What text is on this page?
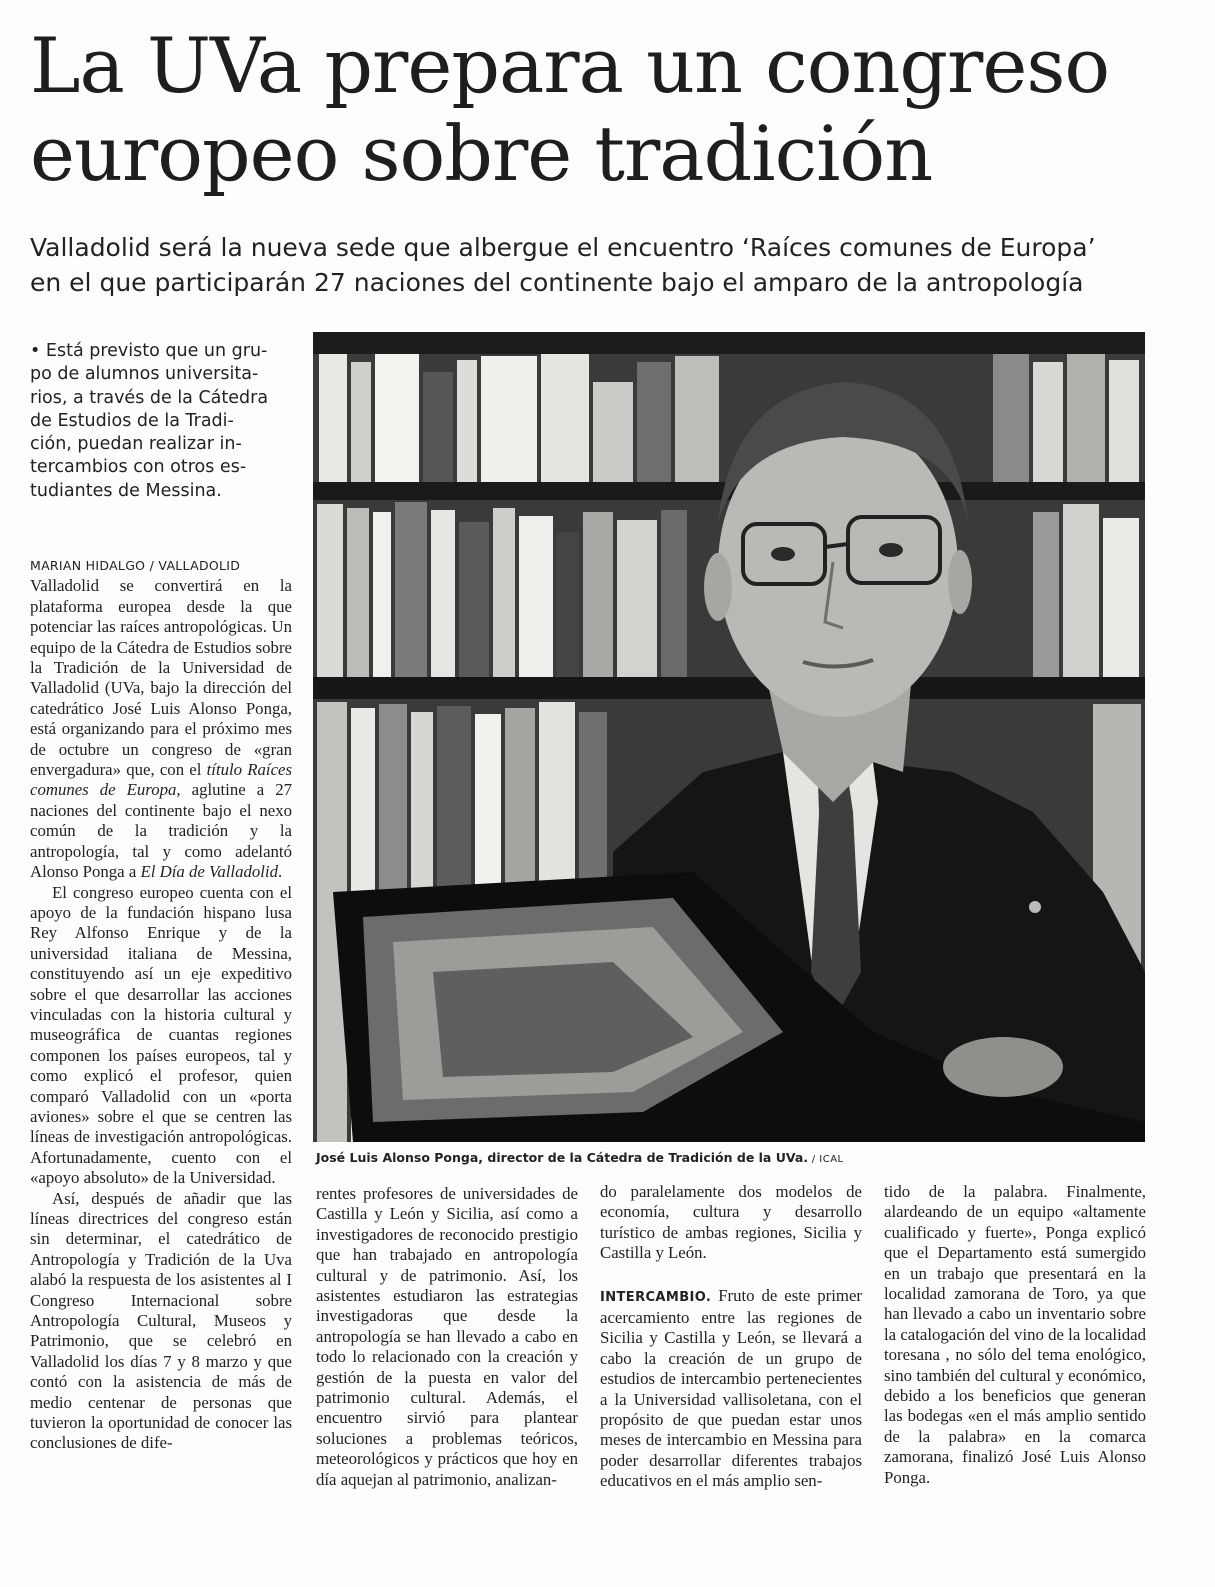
La UVa prepara un congreso
europeo sobre tradición
Valladolid será la nueva sede que albergue el encuentro ‘Raíces comunes de Europa’
en el que participarán 27 naciones del continente bajo el amparo de la antropología
• Está previsto que un gru-
po de alumnos universita-
rios, a través de la Cátedra
de Estudios de la Tradi-
ción, puedan realizar in-
tercambios con otros es-
tudiantes de Messina.
MARIAN HIDALGO / VALLADOLID

Valladolid se convertirá en la plataforma europea desde la que potenciar las raíces antropológicas. Un equipo de la Cátedra de Estudios sobre la Tradición de la Universidad de Valladolid (UVa, bajo la dirección del catedrático José Luis Alonso Ponga, está organizando para el próximo mes de octubre un congreso de «gran envergadura» que, con el título Raíces comunes de Europa, aglutine a 27 naciones del continente bajo el nexo común de la tradición y la antropología, tal y como adelantó Alonso Ponga a El Día de Valladolid.

El congreso europeo cuenta con el apoyo de la fundación hispano lusa Rey Alfonso Enrique y de la universidad italiana de Messina, constituyendo así un eje expeditivo sobre el que desarrollar las acciones vinculadas con la historia cultural y museográfica de cuantas regiones componen los países europeos, tal y como explicó el profesor, quien comparó Valladolid con un «porta aviones» sobre el que se centren las líneas de investigación antropológicas. Afortunadamente, cuento con el «apoyo absoluto» de la Universidad.

Así, después de añadir que las líneas directrices del congreso están sin determinar, el catedrático de Antropología y Tradición de la Uva alabó la respuesta de los asistentes al I Congreso Internacional sobre Antropología Cultural, Museos y Patrimonio, que se celebró en Valladolid los días 7 y 8 marzo y que contó con la asistencia de más de medio centenar de personas que tuvieron la oportunidad de conocer las conclusiones de dife-

José Luis Alonso Ponga, director de la Cátedra de Tradición de la UVa. / ICAL

rentes profesores de universidades de Castilla y León y Sicilia, así como a investigadores de reconocido prestigio que han trabajado en antropología cultural y de patrimonio. Así, los asistentes estudiaron las estrategias investigadoras que desde la antropología se han llevado a cabo en todo lo relacionado con la creación y gestión de la puesta en valor del patrimonio cultural. Además, el encuentro sirvió para plantear soluciones a problemas teóricos, meteorológicos y prácticos que hoy en día aquejan al patrimonio, analizan-

do paralelamente dos modelos de economía, cultura y desarrollo turístico de ambas regiones, Sicilia y Castilla y León.

INTERCAMBIO. Fruto de este primer acercamiento entre las regiones de Sicilia y Castilla y León, se llevará a cabo la creación de un grupo de estudios de intercambio pertenecientes a la Universidad vallisoletana, con el propósito de que puedan estar unos meses de intercambio en Messina para poder desarrollar diferentes trabajos educativos en el más amplio sen-

tido de la palabra. Finalmente, alardeando de un equipo «altamente cualificado y fuerte», Ponga explicó que el Departamento está sumergido en un trabajo que presentará en la localidad zamorana de Toro, ya que han llevado a cabo un inventario sobre la catalogación del vino de la localidad toresana , no sólo del tema enológico, sino también del cultural y económico, debido a los beneficios que generan las bodegas «en el más amplio sentido de la palabra» en la comarca zamorana, finalizó José Luis Alonso Ponga.
